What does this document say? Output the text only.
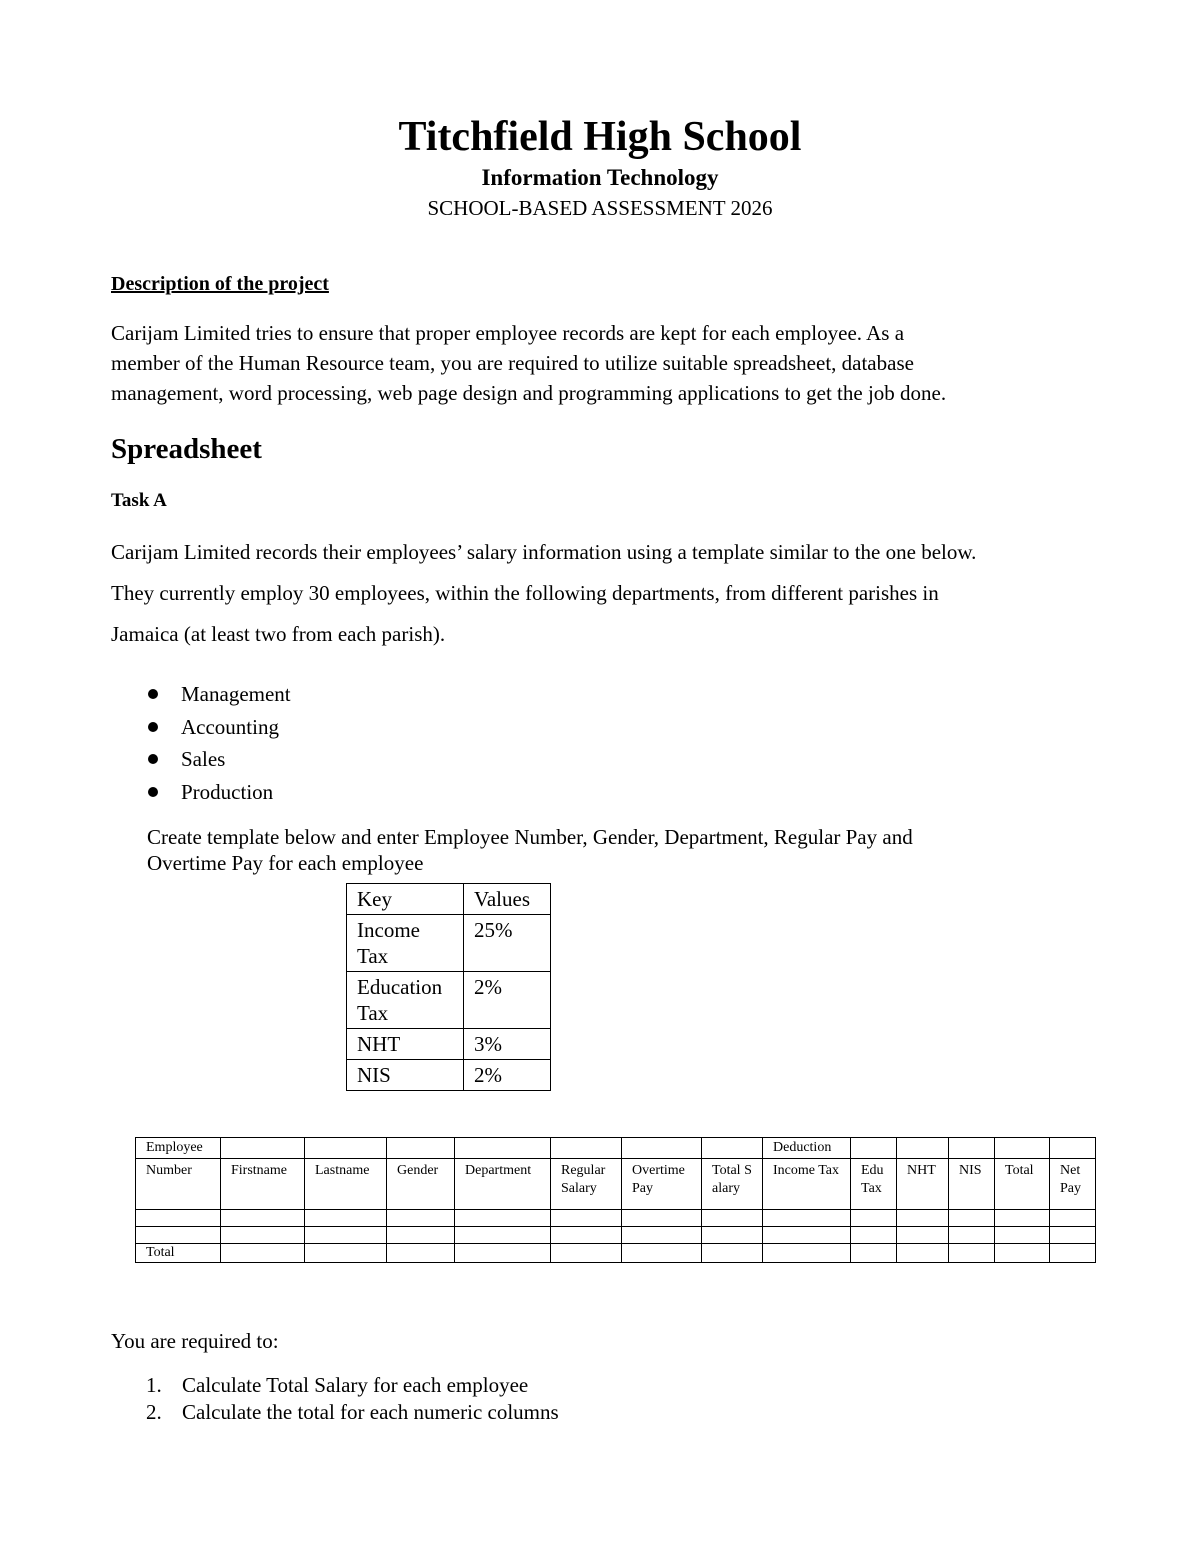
Titchfield High School
Information Technology
SCHOOL-BASED ASSESSMENT 2026
Description of the project
Carijam Limited tries to ensure that proper employee records are kept for each employee. As a
member of the Human Resource team, you are required to utilize suitable spreadsheet, database
management, word processing, web page design and programming applications to get the job done.
Spreadsheet
Task A
Carijam Limited records their employees’ salary information using a template similar to the one below.
They currently employ 30 employees, within the following departments, from different parishes in
Jamaica (at least two from each parish).
Management
Accounting
Sales
Production
Create template below and enter Employee Number, Gender, Department, Regular Pay and
Overtime Pay for each employee
Key	Values
Income Tax	25%
Education Tax	2%
NHT	3%
NIS	2%
Employee								Deduction					
Number	Firstname	Lastname	Gender	Department	Regular Salary	Overtime Pay	Total Salary	Income Tax	Edu Tax	NHT	NIS	Total	Net Pay

Total													
You are required to:
1. Calculate Total Salary for each employee
2. Calculate the total for each numeric columns
